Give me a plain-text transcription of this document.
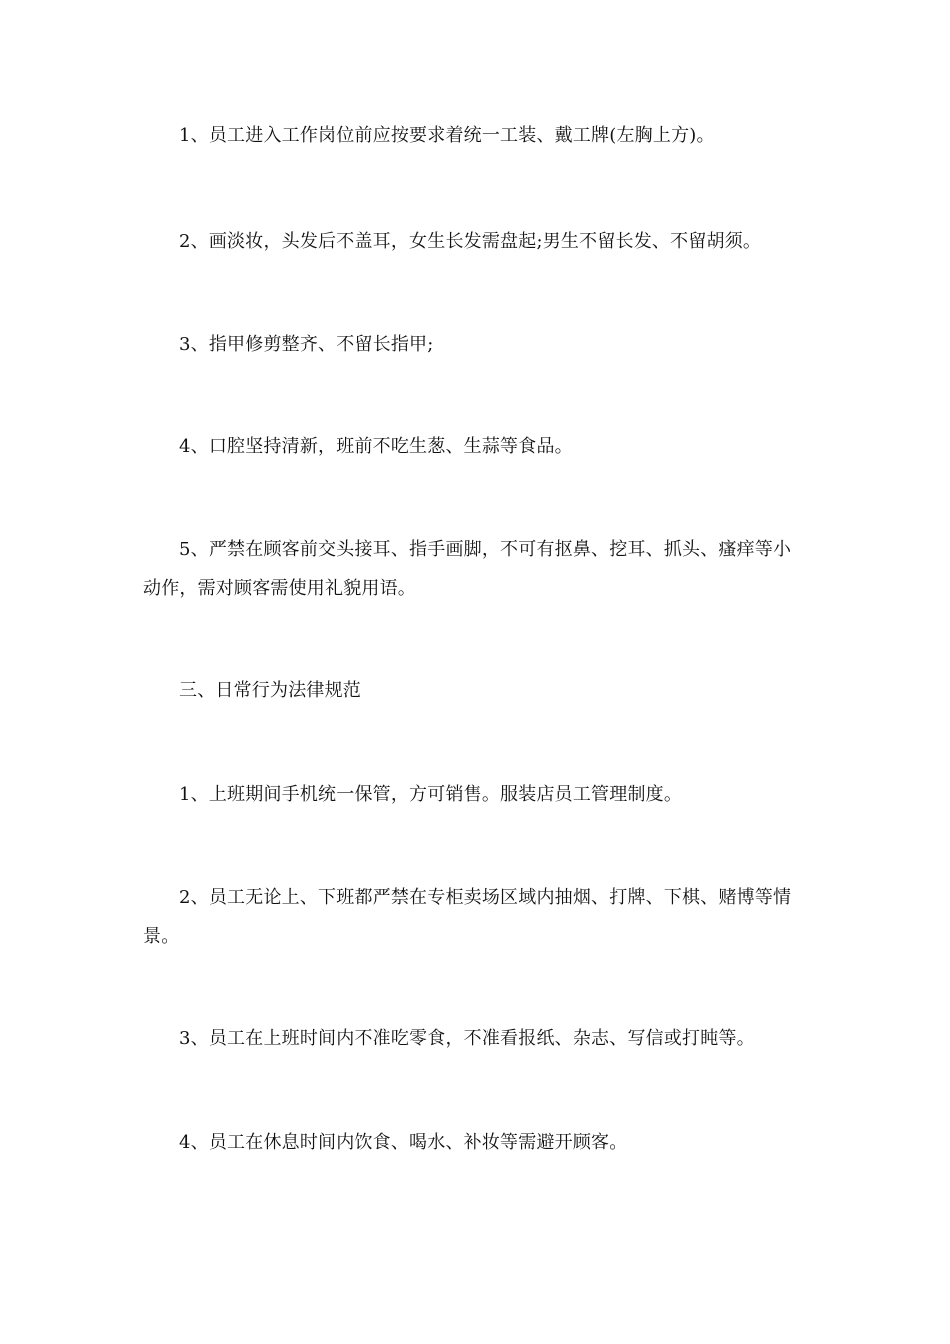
1、员工进入工作岗位前应按要求着统一工装、戴工牌(左胸上方)。

2、画淡妆，头发后不盖耳，女生长发需盘起;男生不留长发、不留胡须。

3、指甲修剪整齐、不留长指甲;

4、口腔坚持清新，班前不吃生葱、生蒜等食品。

5、严禁在顾客前交头接耳、指手画脚，不可有抠鼻、挖耳、抓头、瘙痒等小动作，需对顾客需使用礼貌用语。

三、日常行为法律规范

1、上班期间手机统一保管，方可销售。服装店员工管理制度。

2、员工无论上、下班都严禁在专柜卖场区域内抽烟、打牌、下棋、赌博等情景。

3、员工在上班时间内不准吃零食，不准看报纸、杂志、写信或打盹等。

4、员工在休息时间内饮食、喝水、补妆等需避开顾客。
